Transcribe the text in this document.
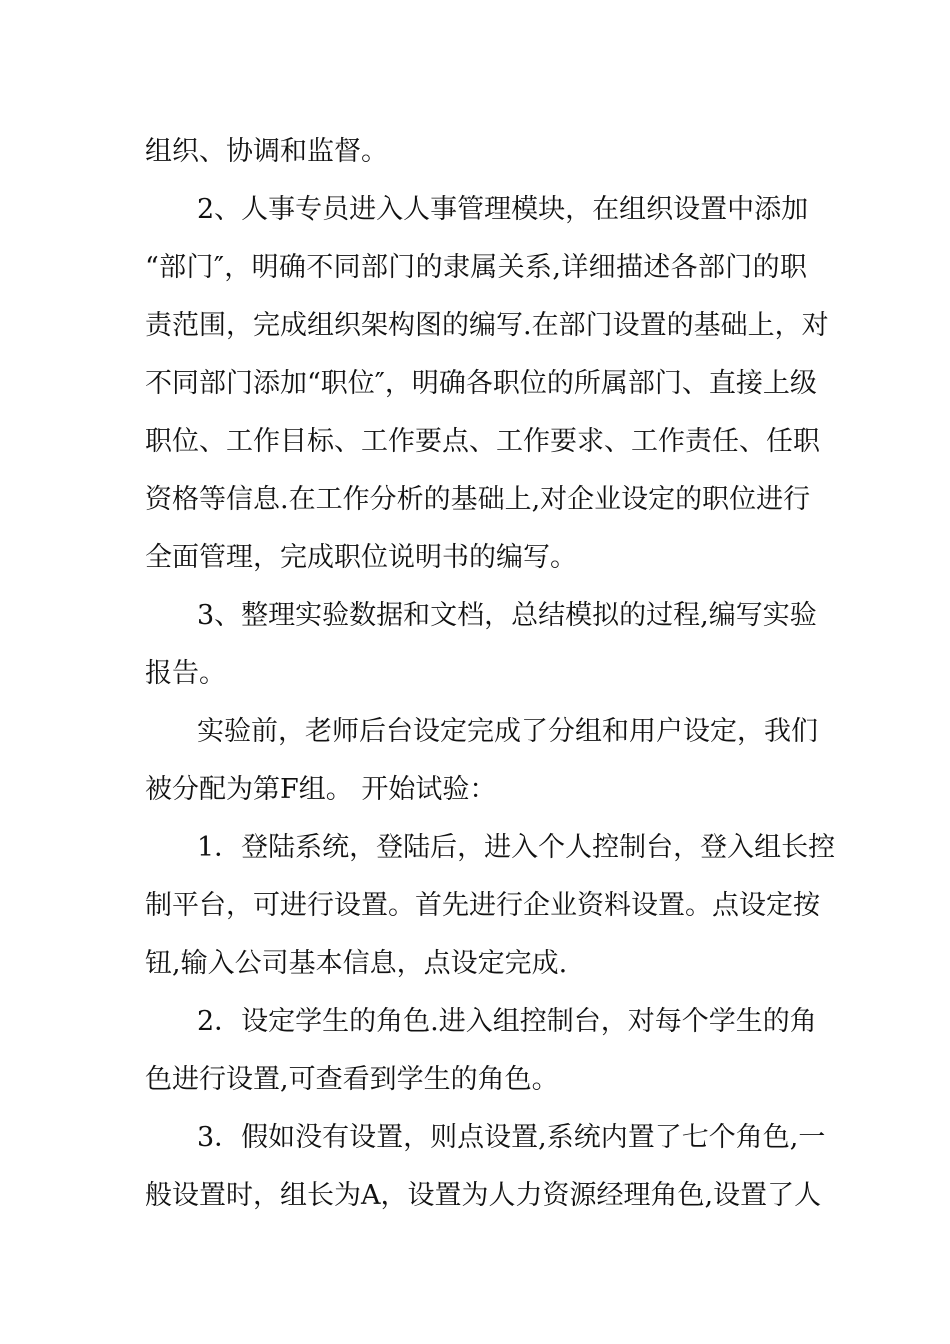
组织、协调和监督。
2、人事专员进入人事管理模块，在组织设置中添加
“部门″，明确不同部门的隶属关系,详细描述各部门的职
责范围，完成组织架构图的编写.在部门设置的基础上，对
不同部门添加“职位″，明确各职位的所属部门、直接上级
职位、工作目标、工作要点、工作要求、工作责任、任职
资格等信息.在工作分析的基础上,对企业设定的职位进行
全面管理，完成职位说明书的编写。
3、整理实验数据和文档，总结模拟的过程,编写实验
报告。
实验前，老师后台设定完成了分组和用户设定，我们
被分配为第F组。 开始试验：
1．登陆系统，登陆后，进入个人控制台，登入组长控
制平台，可进行设置。首先进行企业资料设置。点设定按
钮,输入公司基本信息，点设定完成.
2．设定学生的角色.进入组控制台，对每个学生的角
色进行设置,可查看到学生的角色。
3．假如没有设置，则点设置,系统内置了七个角色,一
般设置时，组长为A，设置为人力资源经理角色,设置了人
